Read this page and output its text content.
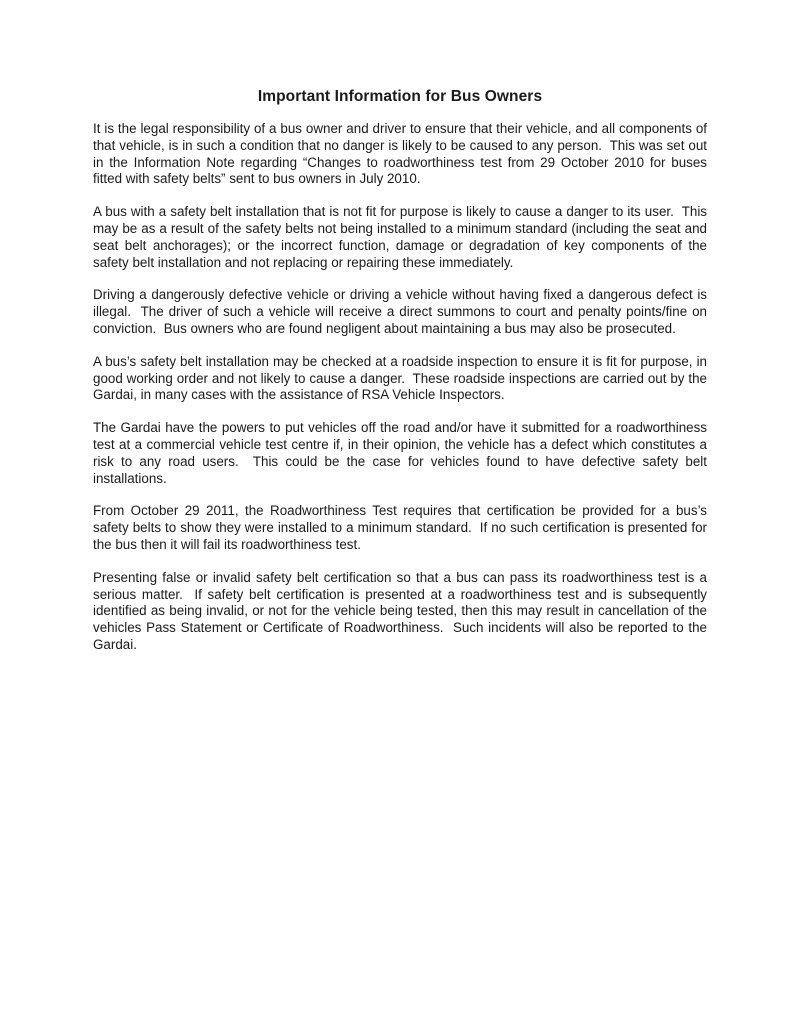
Important Information for Bus Owners

It is the legal responsibility of a bus owner and driver to ensure that their vehicle, and all components of that vehicle, is in such a condition that no danger is likely to be caused to any person.  This was set out in the Information Note regarding “Changes to roadworthiness test from 29 October 2010 for buses fitted with safety belts” sent to bus owners in July 2010.

A bus with a safety belt installation that is not fit for purpose is likely to cause a danger to its user.  This may be as a result of the safety belts not being installed to a minimum standard (including the seat and seat belt anchorages); or the incorrect function, damage or degradation of key components of the safety belt installation and not replacing or repairing these immediately.

Driving a dangerously defective vehicle or driving a vehicle without having fixed a dangerous defect is illegal.  The driver of such a vehicle will receive a direct summons to court and penalty points/fine on conviction.  Bus owners who are found negligent about maintaining a bus may also be prosecuted.

A bus’s safety belt installation may be checked at a roadside inspection to ensure it is fit for purpose, in good working order and not likely to cause a danger.  These roadside inspections are carried out by the Gardai, in many cases with the assistance of RSA Vehicle Inspectors.

The Gardai have the powers to put vehicles off the road and/or have it submitted for a roadworthiness test at a commercial vehicle test centre if, in their opinion, the vehicle has a defect which constitutes a risk to any road users.  This could be the case for vehicles found to have defective safety belt installations.

From October 29 2011, the Roadworthiness Test requires that certification be provided for a bus’s safety belts to show they were installed to a minimum standard.  If no such certification is presented for the bus then it will fail its roadworthiness test.

Presenting false or invalid safety belt certification so that a bus can pass its roadworthiness test is a serious matter.  If safety belt certification is presented at a roadworthiness test and is subsequently identified as being invalid, or not for the vehicle being tested, then this may result in cancellation of the vehicles Pass Statement or Certificate of Roadworthiness.  Such incidents will also be reported to the Gardai.
